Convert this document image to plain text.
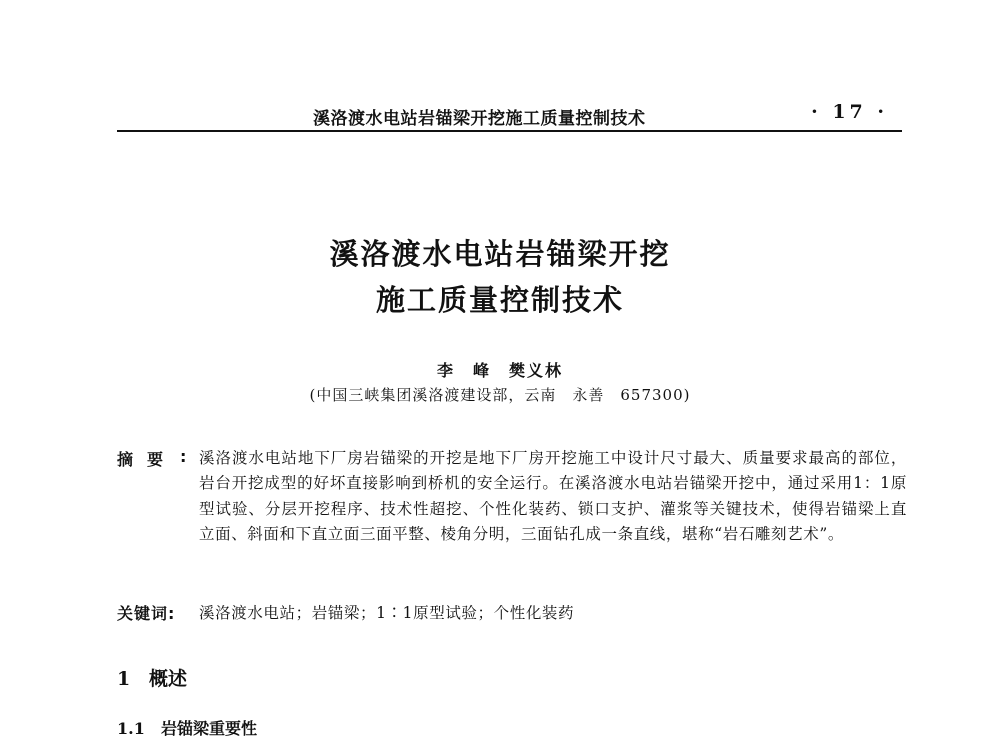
溪洛渡水电站岩锚梁开挖施工质量控制技术	· 17 ·
溪洛渡水电站岩锚梁开挖
施工质量控制技术
李　峰 樊义林
(中国三峡集团溪洛渡建设部，云南　永善　657300)
摘要 : 溪洛渡水电站地下厂房岩锚梁的开挖是地下厂房开挖施工中设计尺寸最大、质量要求最高的部位，岩台开挖成型的好坏直接影响到桥机的安全运行。在溪洛渡水电站岩锚梁开挖中，通过采用1：1原型试验、分层开挖程序、技术性超挖、个性化装药、锁口支护、灌浆等关键技术，使得岩锚梁上直立面、斜面和下直立面三面平整、棱角分明，三面钻孔成一条直线，堪称“岩石雕刻艺术”。
关键词: 溪洛渡水电站；岩锚梁；1∶1原型试验；个性化装药
1 概述
1.1 岩锚梁重要性
